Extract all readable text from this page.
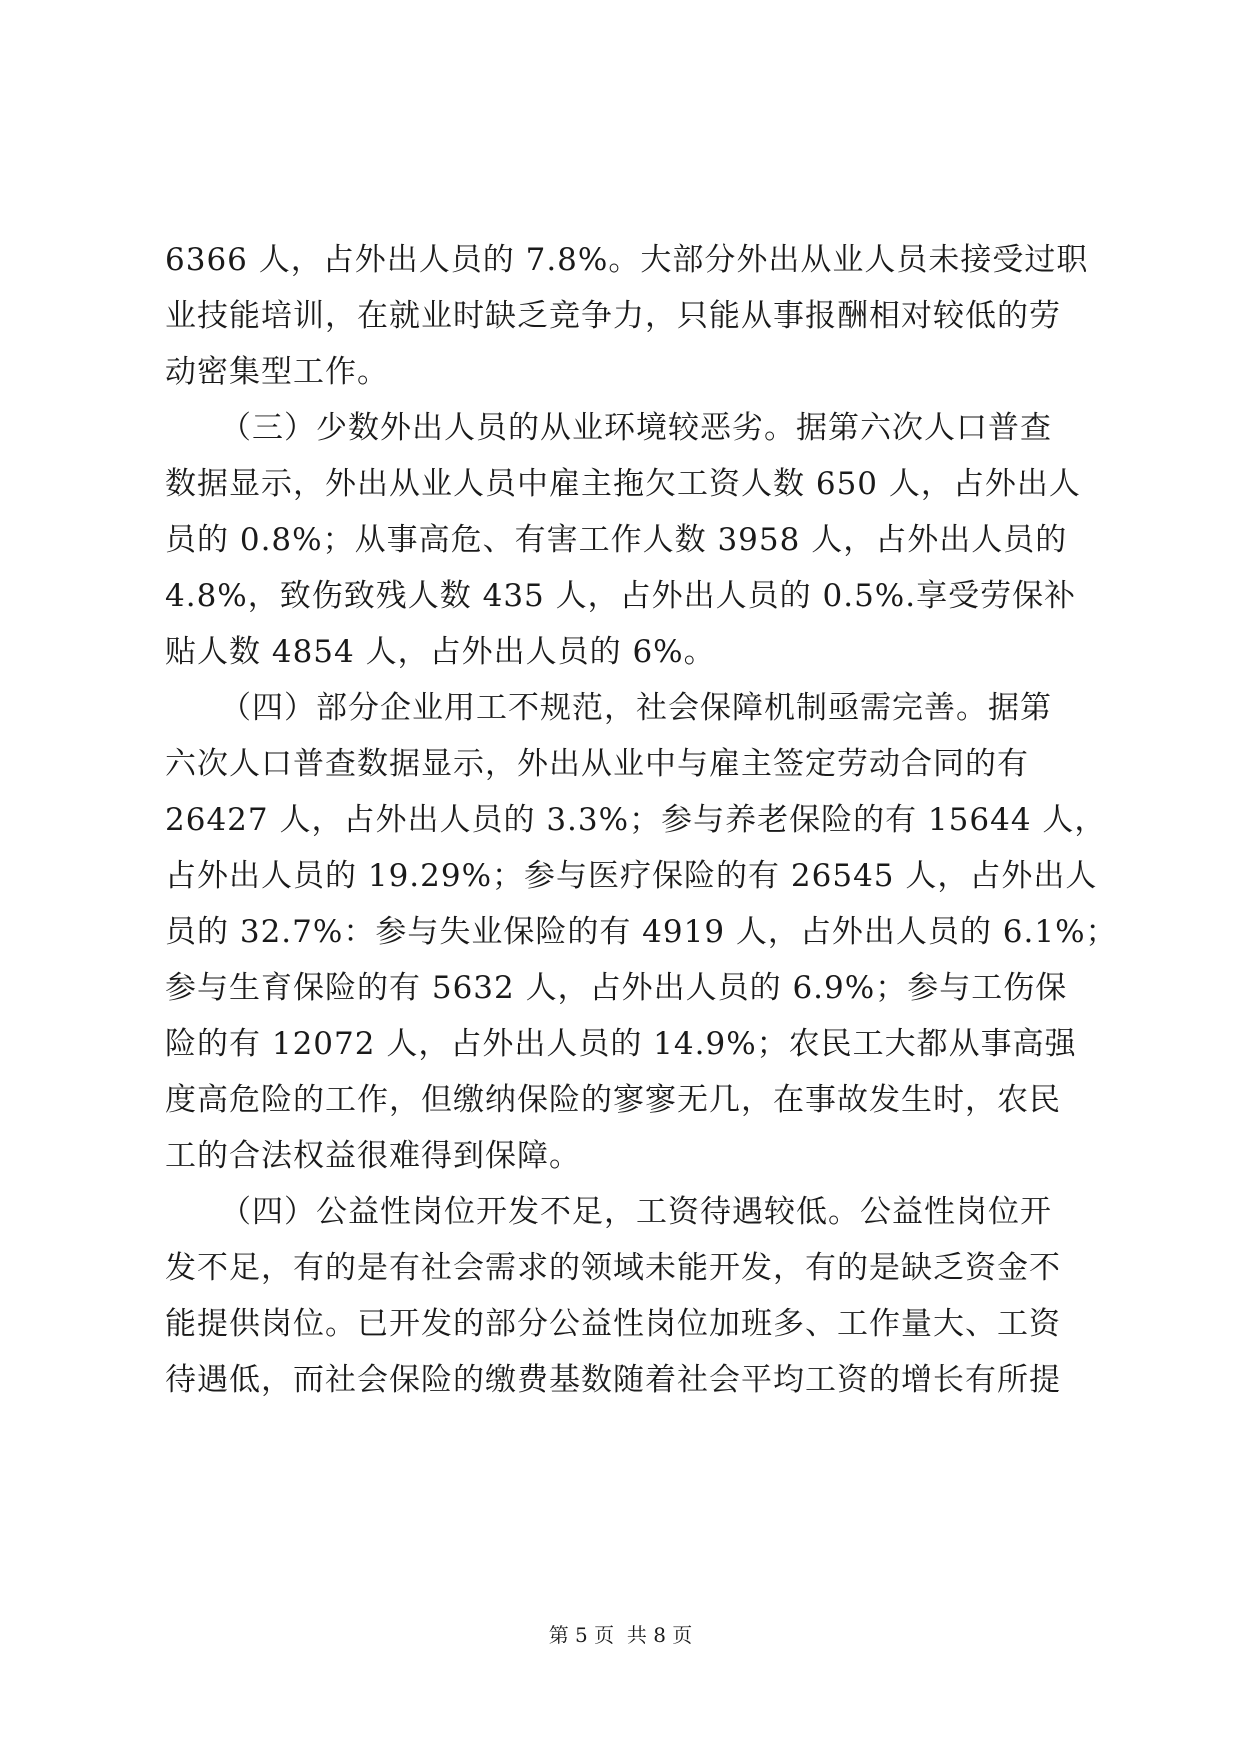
6366 人，占外出人员的 7.8%。大部分外出从业人员未接受过职
业技能培训，在就业时缺乏竞争力，只能从事报酬相对较低的劳
动密集型工作。
（三）少数外出人员的从业环境较恶劣。据第六次人口普查
数据显示，外出从业人员中雇主拖欠工资人数 650 人，占外出人
员的 0.8%；从事高危、有害工作人数 3958 人，占外出人员的
4.8%，致伤致残人数 435 人，占外出人员的 0.5%.享受劳保补
贴人数 4854 人，占外出人员的 6%。
（四）部分企业用工不规范，社会保障机制亟需完善。据第
六次人口普查数据显示，外出从业中与雇主签定劳动合同的有
26427 人，占外出人员的 3.3%；参与养老保险的有 15644 人，
占外出人员的 19.29%；参与医疗保险的有 26545 人，占外出人
员的 32.7%：参与失业保险的有 4919 人，占外出人员的 6.1%；
参与生育保险的有 5632 人，占外出人员的 6.9%；参与工伤保
险的有 12072 人，占外出人员的 14.9%；农民工大都从事高强
度高危险的工作，但缴纳保险的寥寥无几，在事故发生时，农民
工的合法权益很难得到保障。
（四）公益性岗位开发不足，工资待遇较低。公益性岗位开
发不足，有的是有社会需求的领域未能开发，有的是缺乏资金不
能提供岗位。已开发的部分公益性岗位加班多、工作量大、工资
待遇低，而社会保险的缴费基数随着社会平均工资的增长有所提
第 5 页  共 8 页
